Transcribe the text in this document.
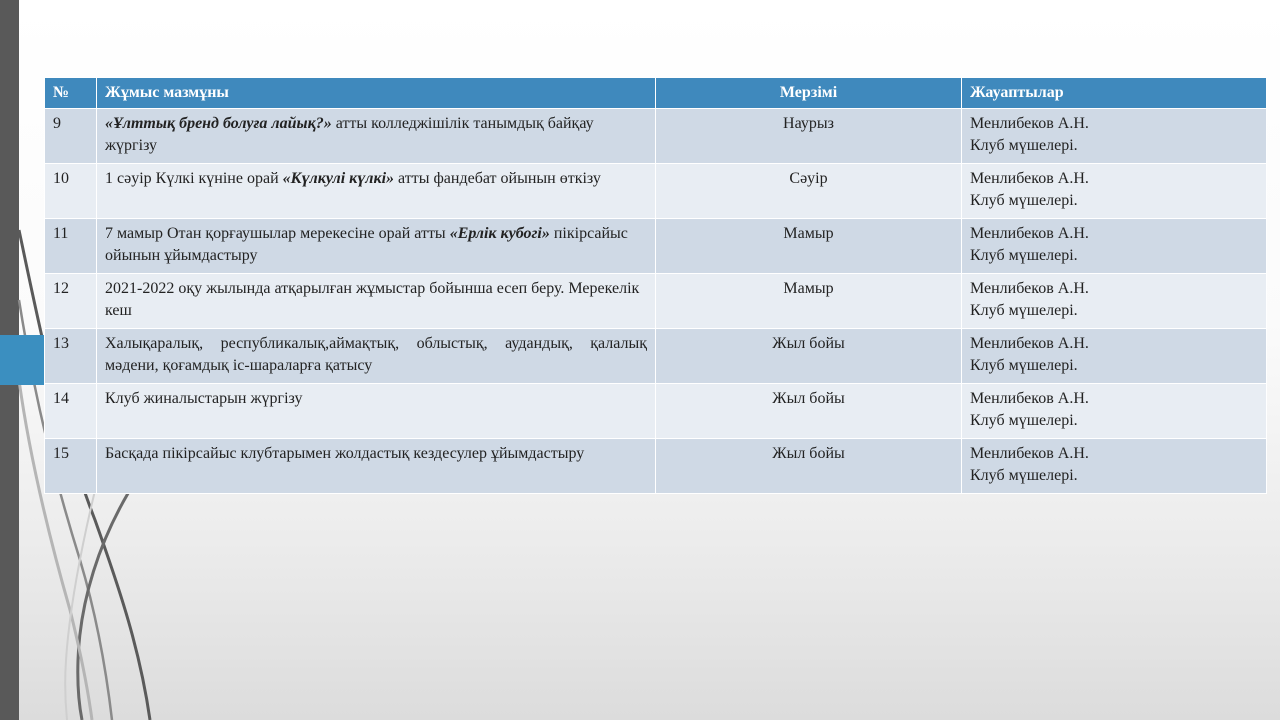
№	Жұмыс мазмұны	Мерзімі	Жауаптылар
9	«Ұлттық бренд болуға лайық?» атты колледжішілік танымдық байқау жүргізу	Наурыз	Менлибеков А.Н.
Клуб мүшелері.

10	1 сәуір Күлкі күніне орай «Күлкулі күлкі» атты фандебат ойынын өткізу	Сәуір	Менлибеков А.Н.
Клуб мүшелері.

11	7 мамыр Отан қорғаушылар мерекесіне орай атты «Ерлік кубогі» пікірсайыс ойынын ұйымдастыру	Мамыр	Менлибеков А.Н.
Клуб мүшелері.

12	2021-2022 оқу жылында атқарылған жұмыстар бойынша есеп беру. Мерекелік кеш	Мамыр	Менлибеков А.Н.
Клуб мүшелері.

13	Халықаралық, республикалық,аймақтық, облыстық, аудандық, қалалық мәдени, қоғамдық іс-шараларға қатысу	Жыл бойы	Менлибеков А.Н.
Клуб мүшелері.

14	Клуб жиналыстарын жүргізу	Жыл бойы	Менлибеков А.Н.
Клуб мүшелері.

15	Басқада пікірсайыс клубтарымен жолдастық кездесулер ұйымдастыру	Жыл бойы	Менлибеков А.Н.
Клуб мүшелері.
